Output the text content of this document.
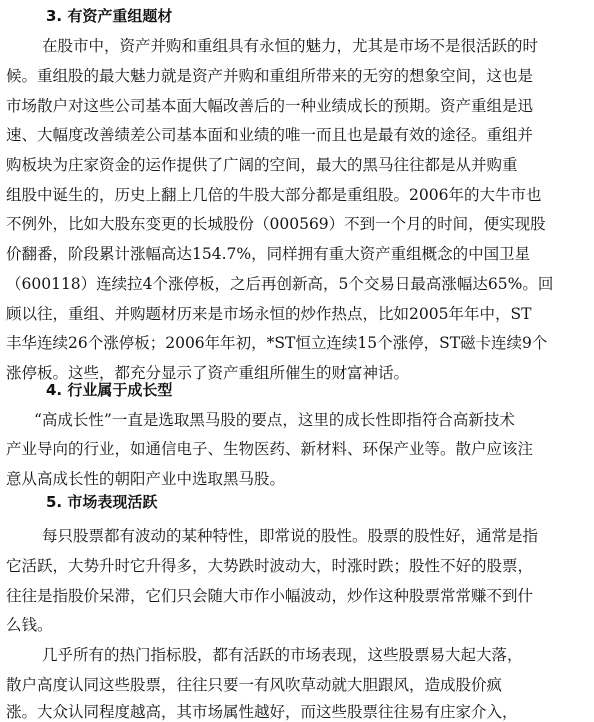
3. 有资产重组题材
在股市中，资产并购和重组具有永恒的魅力，尤其是市场不是很活跃的时
候。重组股的最大魅力就是资产并购和重组所带来的无穷的想象空间，这也是
市场散户对这些公司基本面大幅改善后的一种业绩成长的预期。资产重组是迅
速、大幅度改善绩差公司基本面和业绩的唯一而且也是最有效的途径。重组并
购板块为庄家资金的运作提供了广阔的空间，最大的黑马往往都是从并购重
组股中诞生的，历史上翻上几倍的牛股大部分都是重组股。2006年的大牛市也
不例外，比如大股东变更的长城股份（000569）不到一个月的时间，便实现股
价翻番，阶段累计涨幅高达154.7%，同样拥有重大资产重组概念的中国卫星
（600118）连续拉4个涨停板，之后再创新高，5个交易日最高涨幅达65%。回
顾以往，重组、并购题材历来是市场永恒的炒作热点，比如2005年年中，ST
丰华连续26个涨停板；2006年年初，*ST恒立连续15个涨停，ST磁卡连续9个
涨停板。这些，都充分显示了资产重组所催生的财富神话。
4. 行业属于成长型
“高成长性”一直是选取黑马股的要点，这里的成长性即指符合高新技术
产业导向的行业，如通信电子、生物医药、新材料、环保产业等。散户应该注
意从高成长性的朝阳产业中选取黑马股。
5. 市场表现活跃
每只股票都有波动的某种特性，即常说的股性。股票的股性好，通常是指
它活跃，大势升时它升得多，大势跌时波动大，时涨时跌；股性不好的股票，
往往是指股价呆滞，它们只会随大市作小幅波动，炒作这种股票常常赚不到什
么钱。
几乎所有的热门指标股，都有活跃的市场表现，这些股票易大起大落，
散户高度认同这些股票，往往只要一有风吹草动就大胆跟风，造成股价疯
涨。大众认同程度越高，其市场属性越好，而这些股票往往易有庄家介入，
